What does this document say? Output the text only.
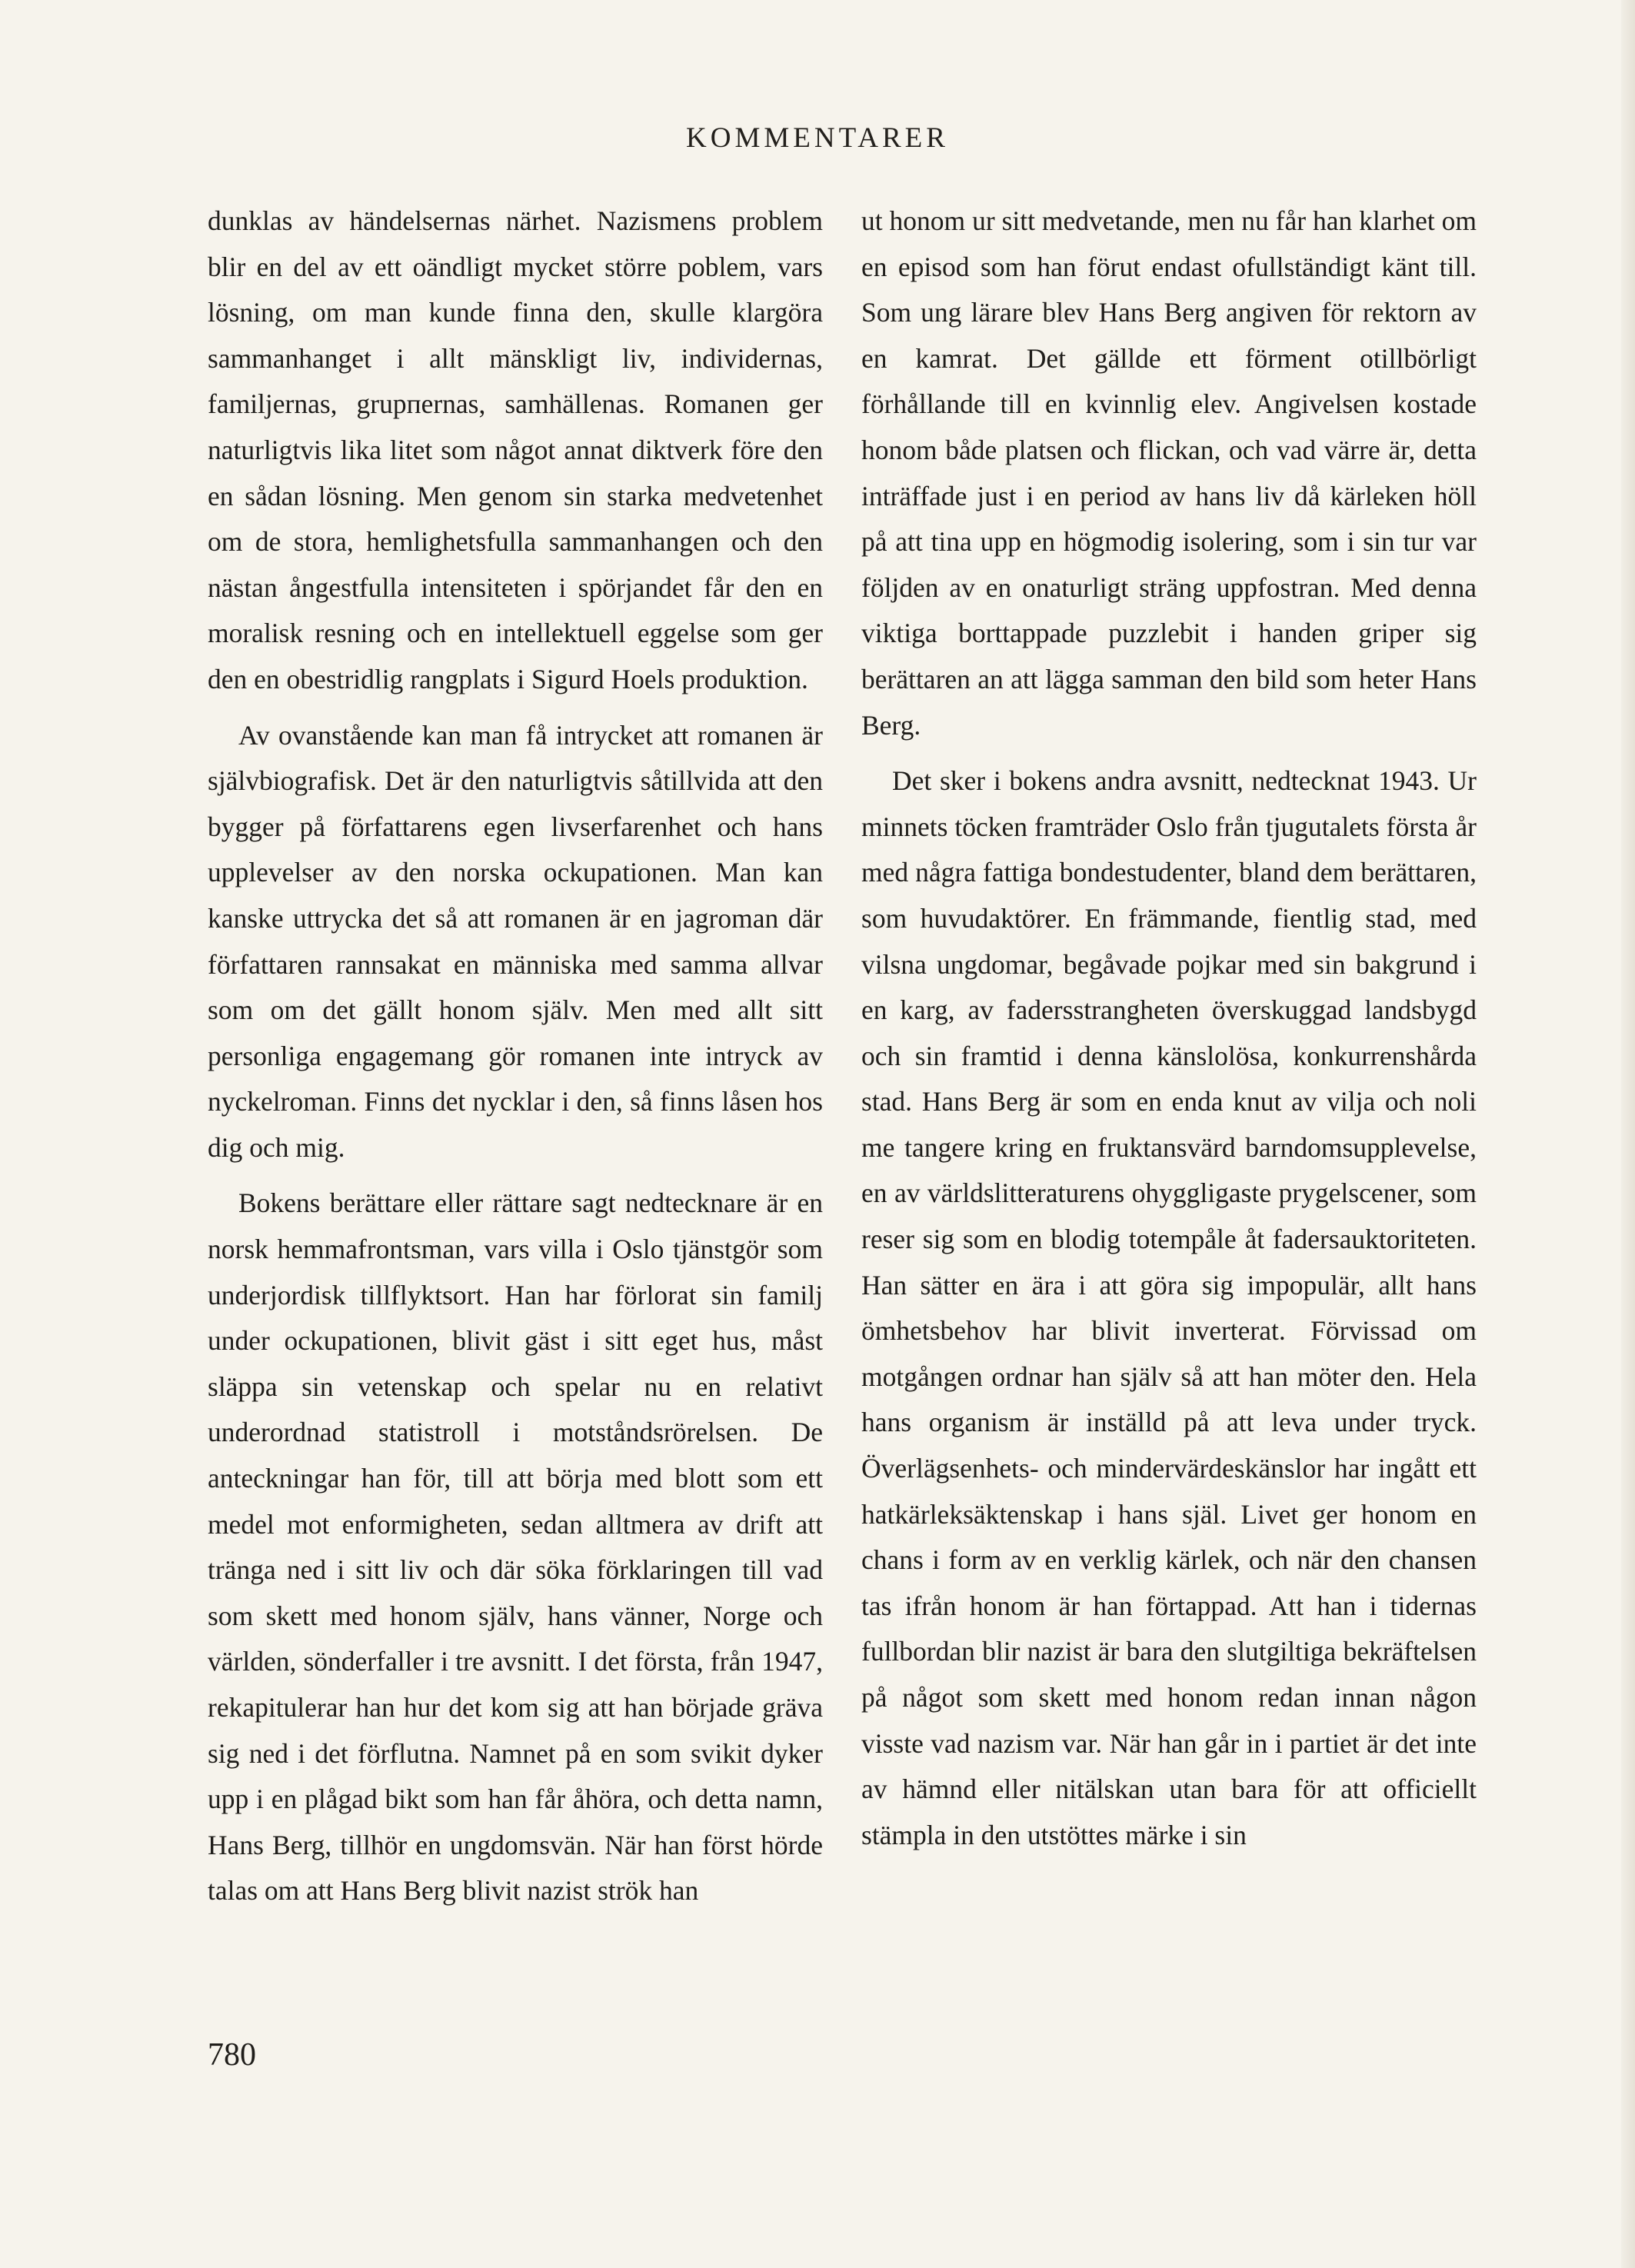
KOMMENTARER

dunklas av händelsernas närhet. Nazismens problem blir en del av ett oändligt mycket större poblem, vars lösning, om man kunde finna den, skulle klargöra sammanhanget i allt mänskligt liv, individernas, familjernas, grupпernas, samhällenas. Romanen ger naturligtvis lika litet som något annat diktverk före den en sådan lösning. Men genom sin starka medvetenhet om de stora, hemlighetsfulla sammanhangen och den nästan ångestfulla intensiteten i spörjandet får den en moralisk resning och en intellektuell eggelse som ger den en obestridlig rangplats i Sigurd Hoels produktion.

Av ovanstående kan man få intrycket att romanen är självbiografisk. Det är den naturligtvis såtillvida att den bygger på författarens egen livserfarenhet och hans upplevelser av den norska ockupationen. Man kan kanske uttrycka det så att romanen är en jagroman där författaren rannsakat en människa med samma allvar som om det gällt honom själv. Men med allt sitt personliga engagemang gör romanen inte intryck av nyckelroman. Finns det nycklar i den, så finns låsen hos dig och mig.

Bokens berättare eller rättare sagt nedtecknare är en norsk hemmafrontsman, vars villa i Oslo tjänstgör som underjordisk tillflyktsort. Han har förlorat sin familj under ockupationen, blivit gäst i sitt eget hus, måst släppa sin vetenskap och spelar nu en relativt underordnad statistroll i motståndsrörelsen. De anteckningar han för, till att börja med blott som ett medel mot enformigheten, sedan alltmera av drift att tränga ned i sitt liv och där söka förklaringen till vad som skett med honom själv, hans vänner, Norge och världen, sönderfaller i tre avsnitt. I det första, från 1947, rekapitulerar han hur det kom sig att han började gräva sig ned i det förflutna. Namnet på en som svikit dyker upp i en plågad bikt som han får åhöra, och detta namn, Hans Berg, tillhör en ungdomsvän. När han först hörde talas om att Hans Berg blivit nazist strök han

ut honom ur sitt medvetande, men nu får han klarhet om en episod som han förut endast ofullständigt känt till. Som ung lärare blev Hans Berg angiven för rektorn av en kamrat. Det gällde ett förment otillbörligt förhållande till en kvinnlig elev. Angivelsen kostade honom både platsen och flickan, och vad värre är, detta inträffade just i en period av hans liv då kärleken höll på att tina upp en högmodig isolering, som i sin tur var följden av en onaturligt sträng uppfostran. Med denna viktiga borttappade puzzlebit i handen griper sig berättaren an att lägga samman den bild som heter Hans Berg.

Det sker i bokens andra avsnitt, nedtecknat 1943. Ur minnets töcken framträder Oslo från tjugutalets första år med några fattiga bondestudenter, bland dem berättaren, som huvudaktörer. En främmande, fientlig stad, med vilsna ungdomar, begåvade pojkar med sin bakgrund i en karg, av fadersstrangheten överskuggad landsbygd och sin framtid i denna känslolösa, konkurrenshårda stad. Hans Berg är som en enda knut av vilja och noli me tangere kring en fruktansvärd barndomsupplevelse, en av världslitteraturens ohyggligaste prygelscener, som reser sig som en blodig totempåle åt fadersauktoriteten. Han sätter en ära i att göra sig impopulär, allt hans ömhetsbehov har blivit inverterat. Förvissad om motgången ordnar han själv så att han möter den. Hela hans organism är inställd på att leva under tryck. Överlägsenhets- och mindervärdeskänslor har ingått ett hatkärleksäktenskap i hans själ. Livet ger honom en chans i form av en verklig kärlek, och när den chansen tas ifrån honom är han förtappad. Att han i tidernas fullbordan blir nazist är bara den slutgiltiga bekräftelsen på något som skett med honom redan innan någon visste vad nazism var. När han går in i partiet är det inte av hämnd eller nitälskan utan bara för att officiellt stämpla in den utstöttes märke i sin

780
